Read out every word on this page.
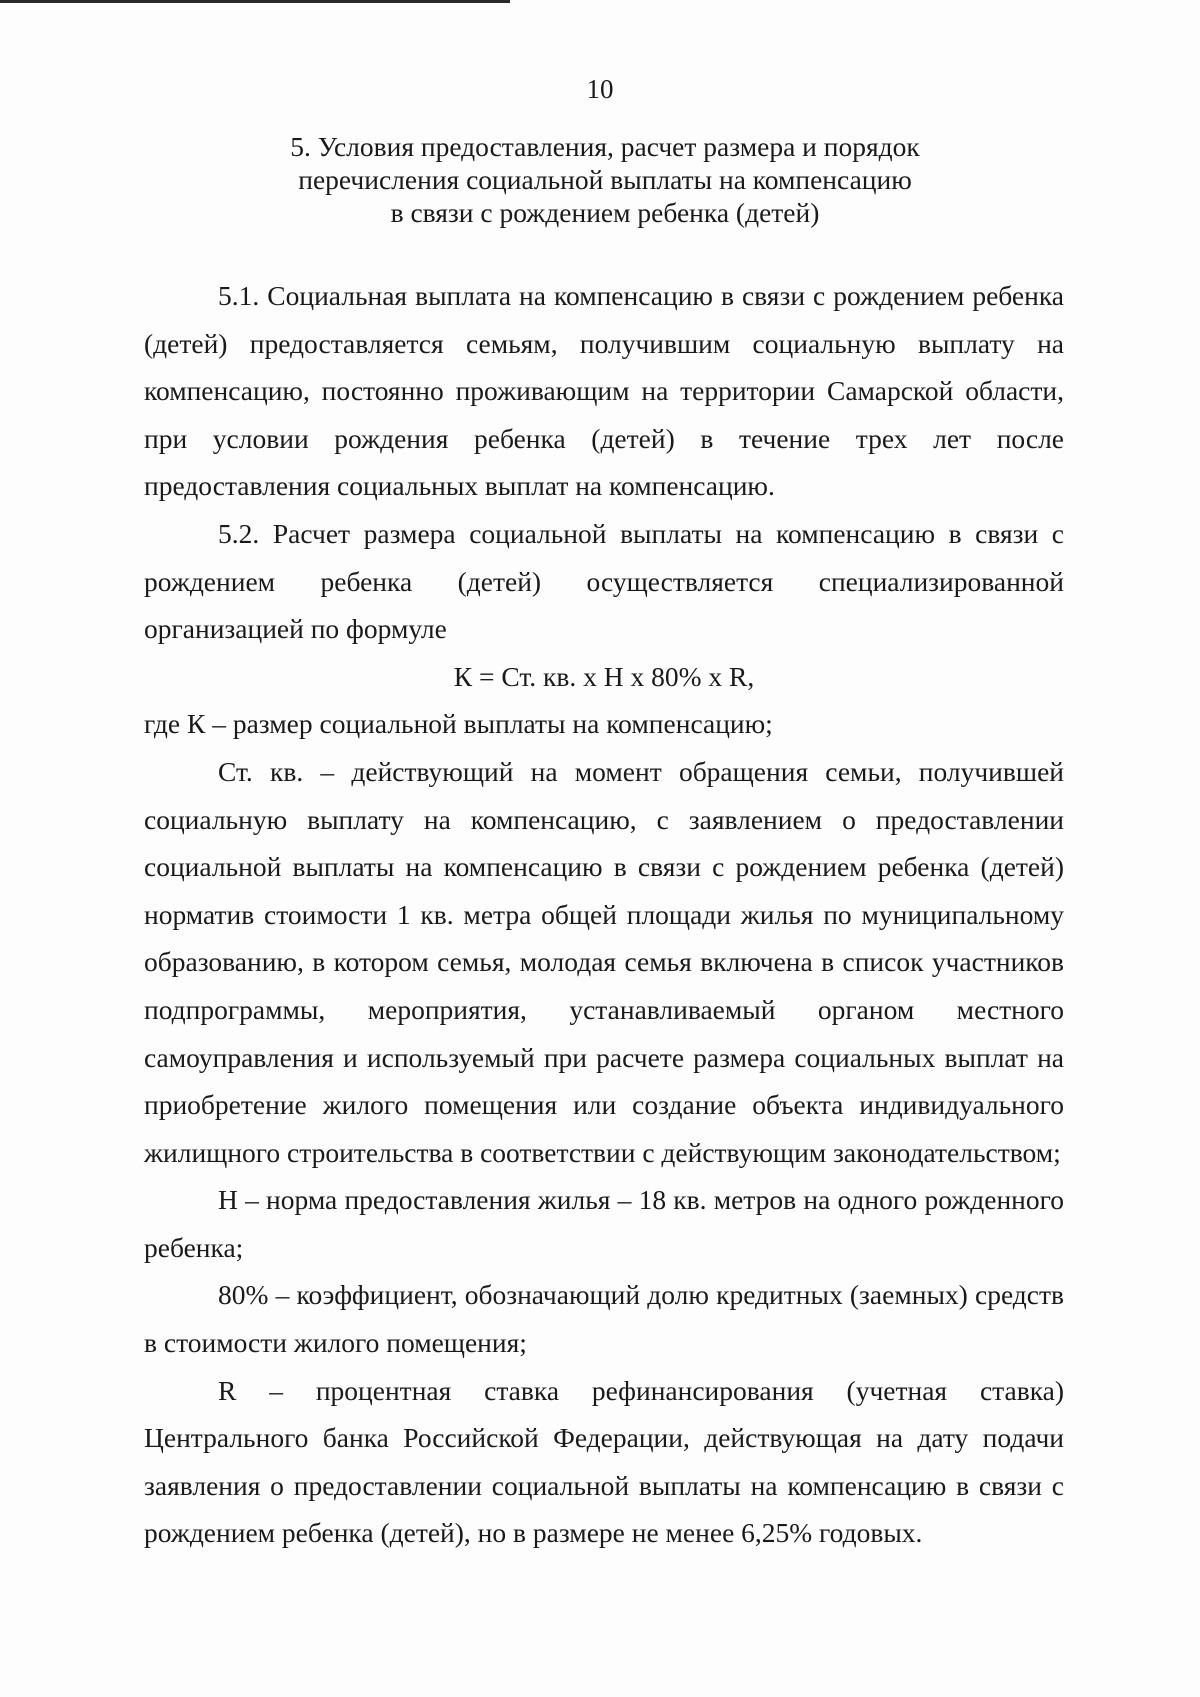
10
5. Условия предоставления, расчет размера и порядок
перечисления социальной выплаты на компенсацию
в связи с рождением ребенка (детей)

5.1. Социальная выплата на компенсацию в связи с рождением ребенка (детей) предоставляется семьям, получившим социальную выплату на компенсацию, постоянно проживающим на территории Самарской области, при условии рождения ребенка (детей) в течение трех лет после предоставления социальных выплат на компенсацию.

5.2. Расчет размера социальной выплаты на компенсацию в связи с рождением ребенка (детей) осуществляется специализированной организацией по формуле

К = Ст. кв. х Н х 80% х R,

где К – размер социальной выплаты на компенсацию;

Ст. кв. – действующий на момент обращения семьи, получившей социальную выплату на компенсацию, с заявлением о предоставлении социальной выплаты на компенсацию в связи с рождением ребенка (детей) норматив стоимости 1 кв. метра общей площади жилья по муниципальному образованию, в котором семья, молодая семья включена в список участников подпрограммы, мероприятия, устанавливаемый органом местного самоуправления и используемый при расчете размера социальных выплат на приобретение жилого помещения или создание объекта индивидуального жилищного строительства в соответствии с действующим законодательством;

Н – норма предоставления жилья – 18 кв. метров на одного рожденного ребенка;

80% – коэффициент, обозначающий долю кредитных (заемных) средств в стоимости жилого помещения;

R – процентная ставка рефинансирования (учетная ставка) Центрального банка Российской Федерации, действующая на дату подачи заявления о предоставлении социальной выплаты на компенсацию в связи с рождением ребенка (детей), но в размере не менее 6,25% годовых.
